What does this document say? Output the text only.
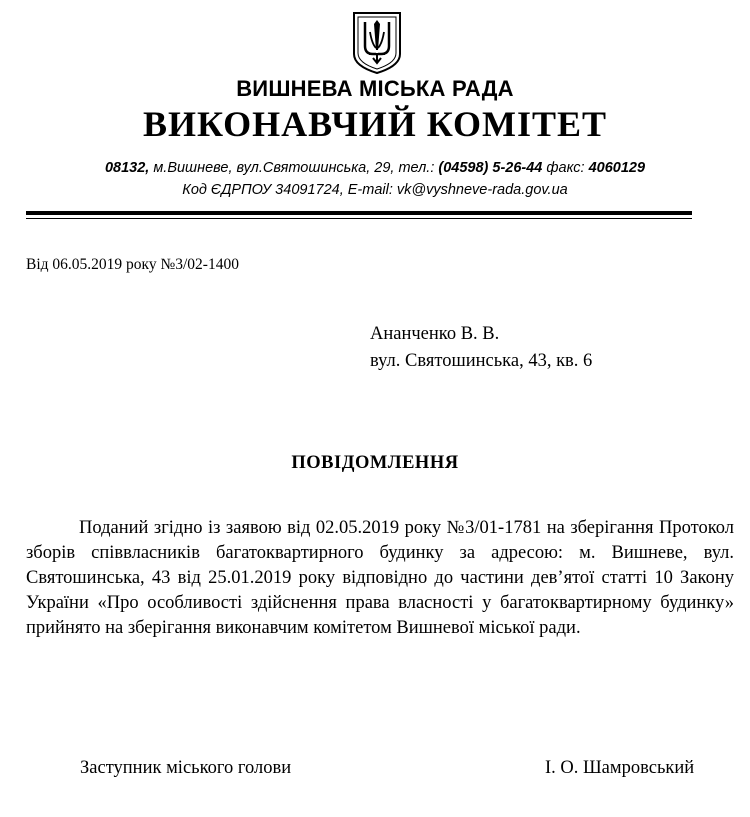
ВИШНЕВА МІСЬКА РАДА
ВИКОНАВЧИЙ КОМІТЕТ
08132, м.Вишневе, вул.Святошинська, 29, тел.: (04598) 5-26-44 факс: 4060129
Код ЄДРПОУ 34091724, E-mail: vk@vyshneve-rada.gov.ua
Від 06.05.2019 року №3/02-1400
Ананченко В. В.
вул. Святошинська, 43, кв. 6
ПОВІДОМЛЕННЯ
Поданий згідно із заявою від 02.05.2019 року №3/01-1781 на зберігання Протокол зборів співвласників багатоквартирного будинку за адресою: м. Вишневе, вул. Святошинська, 43 від 25.01.2019 року відповідно до частини дев’ятої статті 10 Закону України «Про особливості здійснення права власності у багатоквартирному будинку» прийнято на зберігання виконавчим комітетом Вишневої міської ради.
Заступник міського голови	І. О. Шамровський
